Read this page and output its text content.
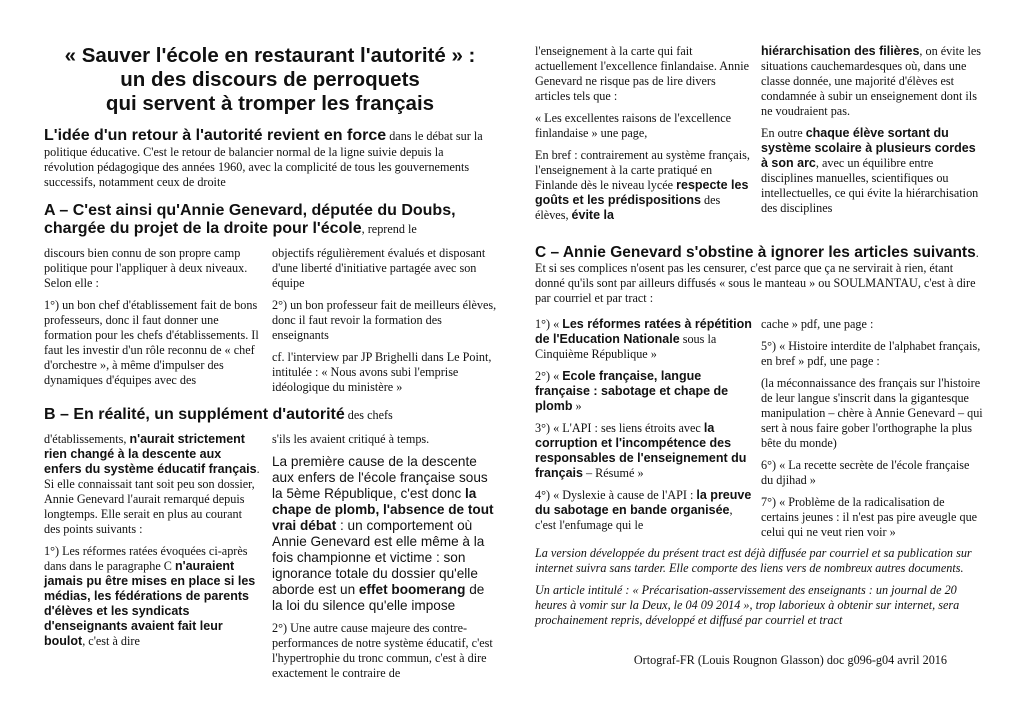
« Sauver l'école en restaurant l'autorité » :
un des discours de perroquets
qui servent à tromper les français
L'idée d'un retour à l'autorité revient en force dans le débat sur la politique éducative. C'est le retour de balancier normal de la ligne suivie depuis la révolution pédagogique des années 1960, avec la complicité de tous les gouvernements successifs, notamment ceux de droite
A – C'est ainsi qu'Annie Genevard, députée du Doubs,
chargée du projet de la droite pour l'école, reprend le

discours bien connu de son propre camp politique pour l'appliquer à deux niveaux. Selon elle :

1°) un bon chef d'établissement fait de bons professeurs, donc il faut donner une formation pour les chefs d'établissements. Il faut les investir d'un rôle reconnu de « chef d'orchestre », à même d'impulser des dynamiques d'équipes avec des

objectifs régulièrement évalués et disposant d'une liberté d'initiative partagée avec son équipe

2°) un bon professeur fait de meilleurs élèves, donc il faut revoir la formation des enseignants

cf. l'interview par JP Brighelli dans Le Point, intitulée : « Nous avons subi l'emprise idéologique du ministère »

B – En réalité, un supplément d'autorité des chefs

d'établissements, n'aurait strictement rien changé à la descente aux enfers du système éducatif français. Si elle connaissait tant soit peu son dossier, Annie Genevard l'aurait remarqué depuis longtemps. Elle serait en plus au courant des points suivants :

1°) Les réformes ratées évoquées ci-après dans dans le paragraphe C n'auraient jamais pu être mises en place si les médias, les fédérations de parents d'élèves et les syndicats d'enseignants avaient fait leur boulot, c'est à dire

s'ils les avaient critiqué à temps.

La première cause de la descente aux enfers de l'école française sous la 5ème République, c'est donc la chape de plomb, l'absence de tout vrai débat : un comportement où Annie Genevard est elle même à la fois championne et victime : son ignorance totale du dossier qu'elle aborde est un effet boomerang de la loi du silence qu'elle impose

2°) Une autre cause majeure des contre-performances de notre système éducatif, c'est l'hypertrophie du tronc commun, c'est à dire exactement le contraire de

l'enseignement à la carte qui fait actuellement l'excellence finlandaise. Annie Genevard ne risque pas de lire divers articles tels que :

« Les excellentes raisons de l'excellence finlandaise » une page,

En bref : contrairement au système français, l'enseignement à la carte pratiqué en Finlande dès le niveau lycée respecte les goûts et les prédispositions des élèves, évite la

hiérarchisation des filières, on évite les situations cauchemardesques où, dans une classe donnée, une majorité d'élèves est condamnée à subir un enseignement dont ils ne voudraient pas.

En outre chaque élève sortant du système scolaire à plusieurs cordes à son arc, avec un équilibre entre disciplines manuelles, scientifiques ou intellectuelles, ce qui évite la hiérarchisation des disciplines

C – Annie Genevard s'obstine à ignorer les articles suivants. Et si ses complices n'osent pas les censurer, c'est parce que ça ne servirait à rien, étant donné qu'ils sont par ailleurs diffusés « sous le manteau » ou SOULMANTAU, c'est à dire par courriel et par tract :

1°) « Les réformes ratées à répétition de l'Education Nationale sous la Cinquième République »

2°) « Ecole française, langue française : sabotage et chape de plomb »

3°) « L'API : ses liens étroits avec la corruption et l'incompétence des responsables de l'enseignement du français – Résumé »

4°) « Dyslexie à cause de l'API : la preuve du sabotage en bande organisée, c'est l'enfumage qui le

cache » pdf, une page :

5°) « Histoire interdite de l'alphabet français, en bref » pdf, une page :

(la méconnaissance des français sur l'histoire de leur langue s'inscrit dans la gigantesque manipulation – chère à Annie Genevard – qui sert à nous faire gober l'orthographe la plus bête du monde)

6°) « La recette secrète de l'école française du djihad »

7°) « Problème de la radicalisation de certains jeunes : il n'est pas pire aveugle que celui qui ne veut rien voir »

La version développée du présent tract est déjà diffusée par courriel et sa publication sur internet suivra sans tarder. Elle comporte des liens vers de nombreux autres documents.

Un article intitulé : « Précarisation-asservissement des enseignants : un journal de 20 heures à vomir sur la Deux, le 04 09 2014 », trop laborieux à obtenir sur internet, sera prochainement repris, développé et diffusé par courriel et tract

Ortograf-FR (Louis Rougnon Glasson) doc g096-g04 avril 2016
